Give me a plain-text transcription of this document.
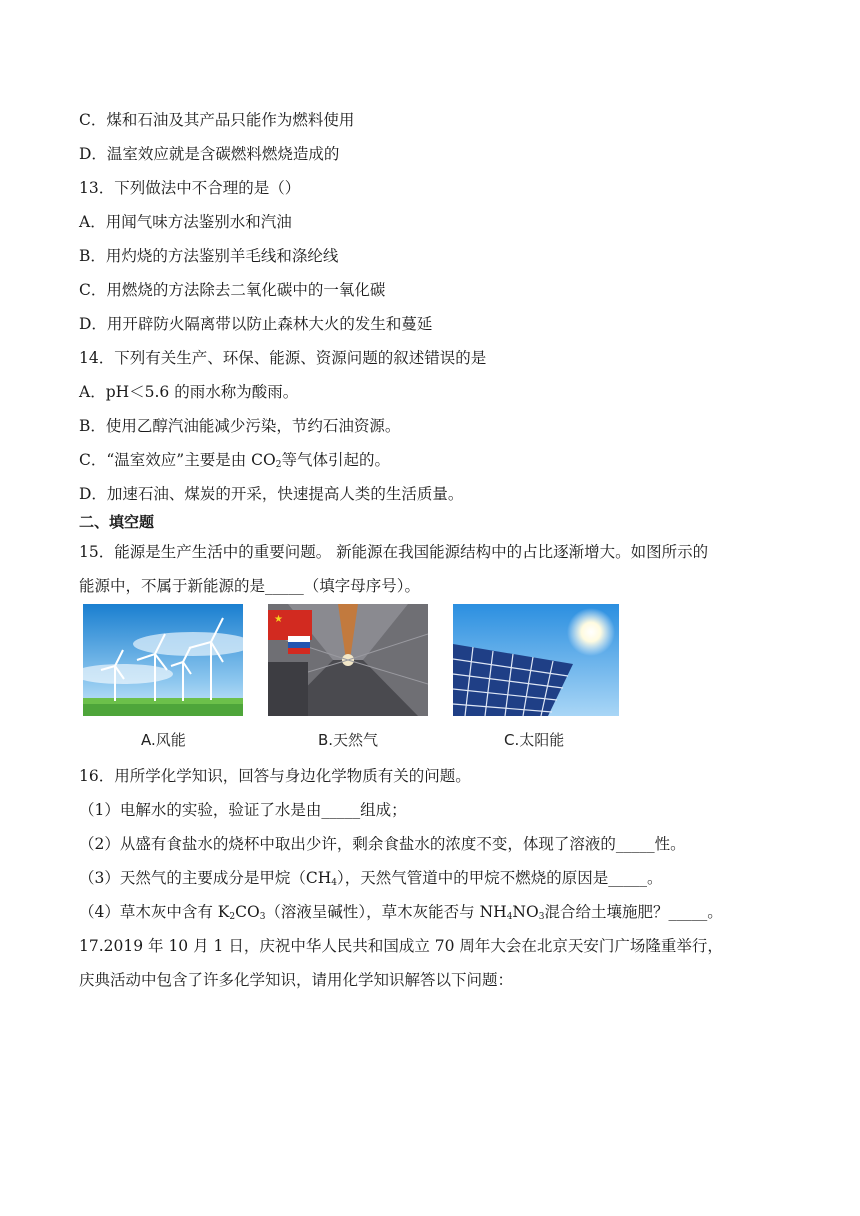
C．煤和石油及其产品只能作为燃料使用
D．温室效应就是含碳燃料燃烧造成的
13．下列做法中不合理的是（）
A．用闻气味方法鉴别水和汽油
B．用灼烧的方法鉴别羊毛线和涤纶线
C．用燃烧的方法除去二氧化碳中的一氧化碳
D．用开辟防火隔离带以防止森林大火的发生和蔓延
14．下列有关生产、环保、能源、资源问题的叙述错误的是
A．pH＜5.6 的雨水称为酸雨。
B．使用乙醇汽油能减少污染，节约石油资源。
C．“温室效应”主要是由 $CO_2$等气体引起的。
D．加速石油、煤炭的开采，快速提高人类的生活质量。
二、填空题
15．能源是生产生活中的重要问题。 新能源在我国能源结构中的占比逐渐增大。如图所示的
能源中，不属于新能源的是_____（填字母序号）。
★
A.风能	B.天然气	C.太阳能
16．用所学化学知识，回答与身边化学物质有关的问题。
（1）电解水的实验，验证了水是由_____组成；
（2）从盛有食盐水的烧杯中取出少许，剩余食盐水的浓度不变，体现了溶液的_____性。
（3）天然气的主要成分是甲烷$(CH_4)$，天然气管道中的甲烷不燃烧的原因是_____。
（4）草木灰中含有 $K_2CO_3$（溶液呈碱性），草木灰能否与 $NH_4NO_3$混合给土壤施肥？_____。
17.2019 年 10 月 1 日，庆祝中华人民共和国成立 70 周年大会在北京天安门广场隆重举行，
庆典活动中包含了许多化学知识，请用化学知识解答以下问题：
